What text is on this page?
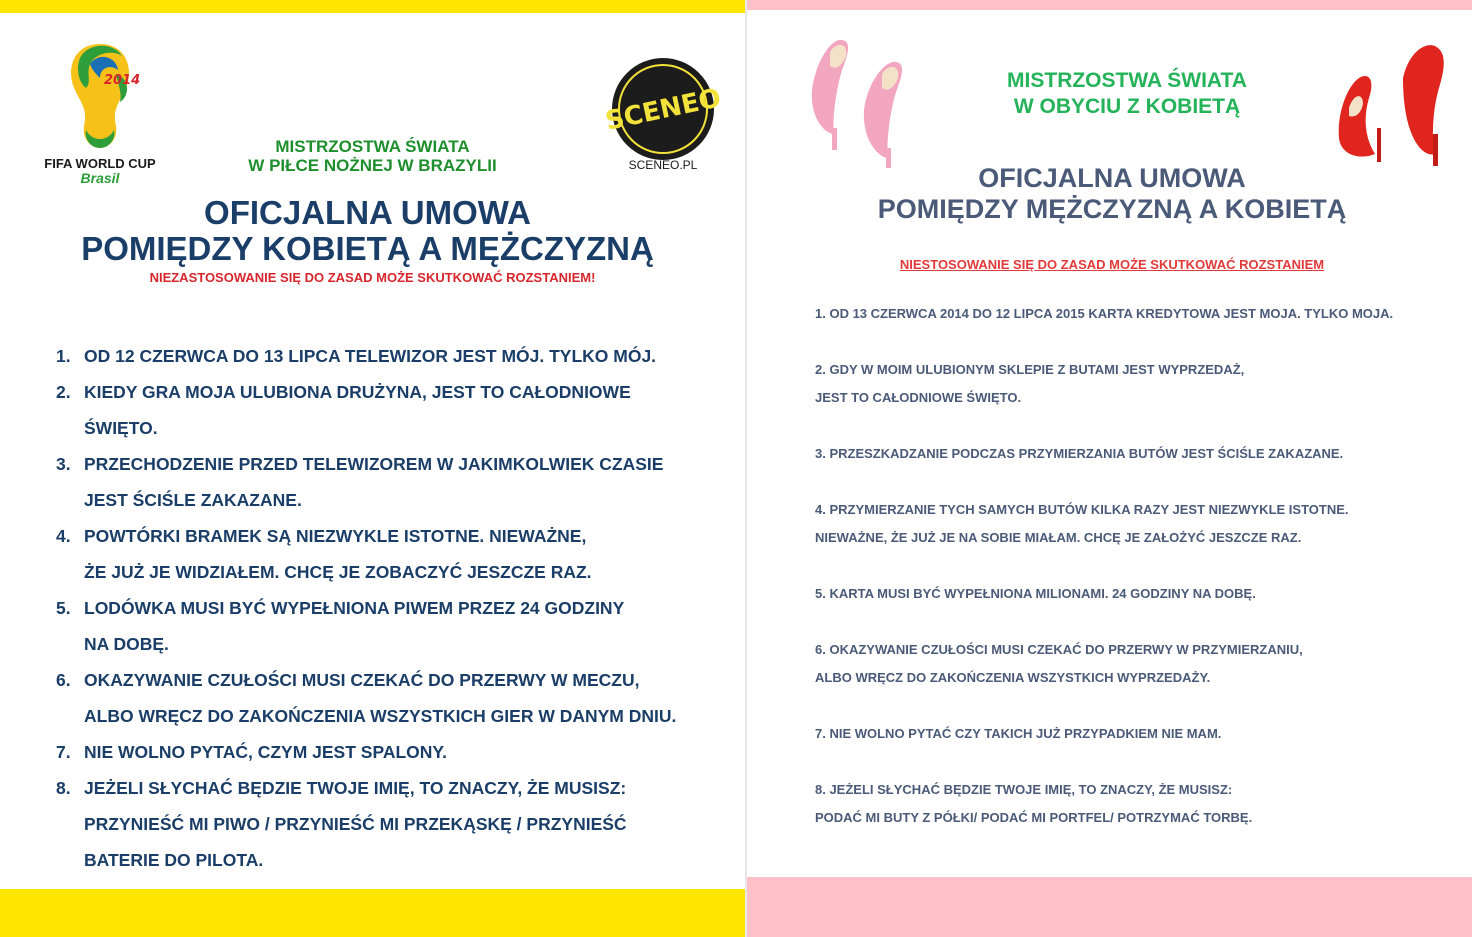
2014
FIFA WORLD CUP
Brasil
SCENEO
SCENEO.PL
MISTRZOSTWA ŚWIATA
W PIŁCE NOŻNEJ W BRAZYLII
OFICJALNA UMOWA
POMIĘDZY KOBIETĄ A MĘŻCZYZNĄ
NIEZASTOSOWANIE SIĘ DO ZASAD MOŻE SKUTKOWAĆ ROZSTANIEM!
1. OD 12 CZERWCA DO 13 LIPCA TELEWIZOR JEST MÓJ. TYLKO MÓJ.
2. KIEDY GRA MOJA ULUBIONA DRUŻYNA, JEST TO CAŁODNIOWE
ŚWIĘTO.
3. PRZECHODZENIE PRZED TELEWIZOREM W JAKIMKOLWIEK CZASIE
JEST ŚCIŚLE ZAKAZANE.
4. POWTÓRKI BRAMEK SĄ NIEZWYKLE ISTOTNE. NIEWAŻNE,
ŻE JUŻ JE WIDZIAŁEM. CHCĘ JE ZOBACZYĆ JESZCZE RAZ.
5. LODÓWKA MUSI BYĆ WYPEŁNIONA PIWEM PRZEZ 24 GODZINY
NA DOBĘ.
6. OKAZYWANIE CZUŁOŚCI MUSI CZEKAĆ DO PRZERWY W MECZU,
ALBO WRĘCZ DO ZAKOŃCZENIA WSZYSTKICH GIER W DANYM DNIU.
7. NIE WOLNO PYTAĆ, CZYM JEST SPALONY.
8. JEŻELI SŁYCHAĆ BĘDZIE TWOJE IMIĘ, TO ZNACZY, ŻE MUSISZ:
PRZYNIEŚĆ MI PIWO / PRZYNIEŚĆ MI PRZEKĄSKĘ / PRZYNIEŚĆ
BATERIE DO PILOTA.
MISTRZOSTWA ŚWIATA
W OBYCIU Z KOBIETĄ
OFICJALNA UMOWA
POMIĘDZY MĘŻCZYZNĄ A KOBIETĄ
NIESTOSOWANIE SIĘ DO ZASAD MOŻE SKUTKOWAĆ ROZSTANIEM
1. OD 13 CZERWCA 2014 DO 12 LIPCA 2015 KARTA KREDYTOWA JEST MOJA. TYLKO MOJA.
2. GDY W MOIM ULUBIONYM SKLEPIE Z BUTAMI JEST WYPRZEDAŻ,
JEST TO CAŁODNIOWE ŚWIĘTO.
3. PRZESZKADZANIE PODCZAS PRZYMIERZANIA BUTÓW JEST ŚCIŚLE ZAKAZANE.
4. PRZYMIERZANIE TYCH SAMYCH BUTÓW KILKA RAZY JEST NIEZWYKLE ISTOTNE.
NIEWAŻNE, ŻE JUŻ JE NA SOBIE MIAŁAM. CHCĘ JE ZAŁOŻYĆ JESZCZE RAZ.
5. KARTA MUSI BYĆ WYPEŁNIONA MILIONAMI. 24 GODZINY NA DOBĘ.
6. OKAZYWANIE CZUŁOŚCI MUSI CZEKAĆ DO PRZERWY W PRZYMIERZANIU,
ALBO WRĘCZ DO ZAKOŃCZENIA WSZYSTKICH WYPRZEDAŻY.
7. NIE WOLNO PYTAĆ CZY TAKICH JUŻ PRZYPADKIEM NIE MAM.
8. JEŻELI SŁYCHAĆ BĘDZIE TWOJE IMIĘ, TO ZNACZY, ŻE MUSISZ:
PODAĆ MI BUTY Z PÓŁKI/ PODAĆ MI PORTFEL/ POTRZYMAĆ TORBĘ.
